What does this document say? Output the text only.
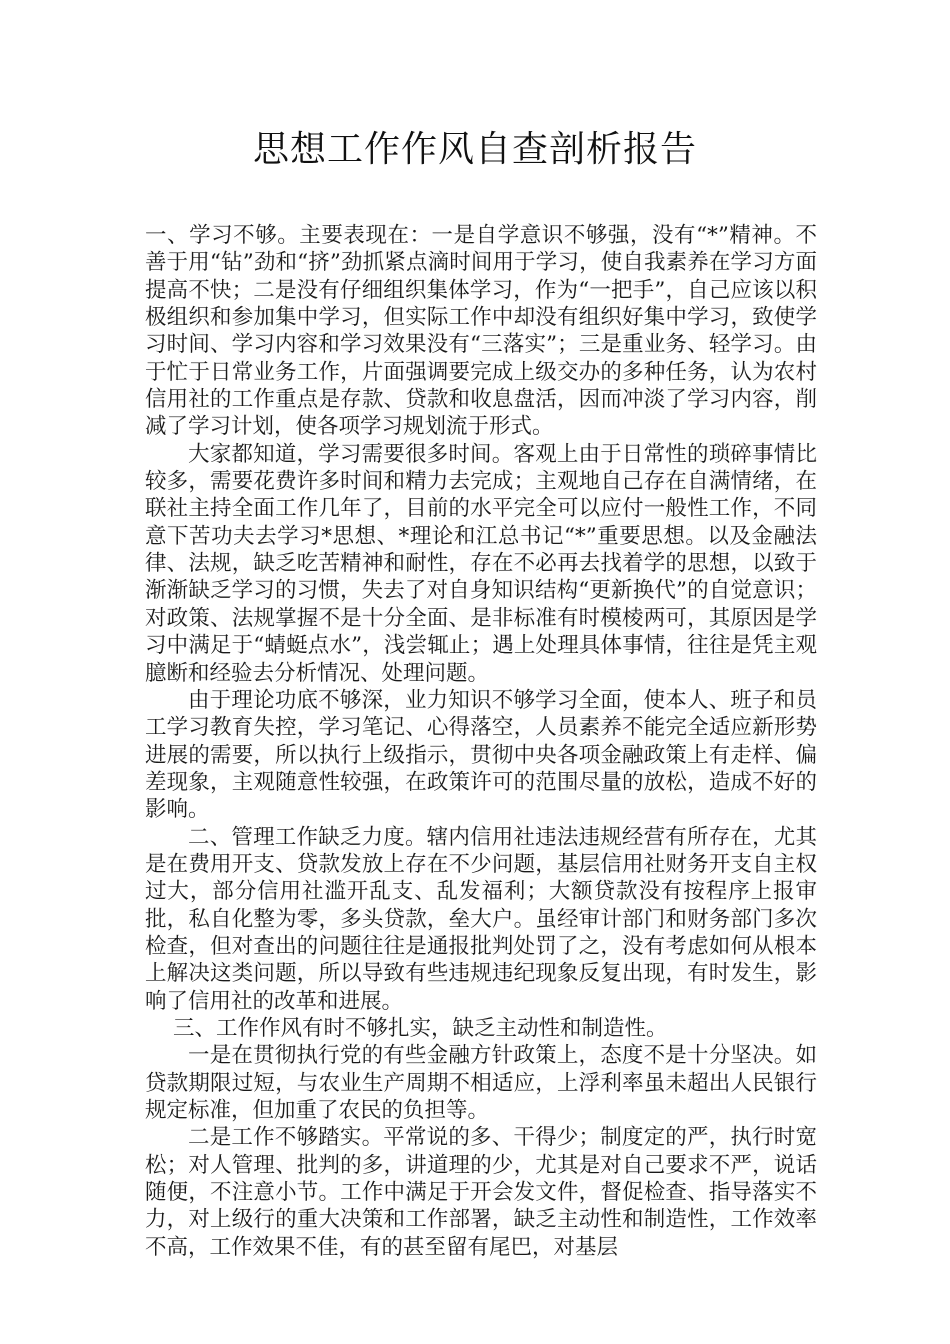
思想工作作风自查剖析报告

一、学习不够。主要表现在：一是自学意识不够强，没有“*”精神。不善于用“钻”劲和“挤”劲抓紧点滴时间用于学习，使自我素养在学习方面提高不快；二是没有仔细组织集体学习，作为“一把手”，自己应该以积极组织和参加集中学习，但实际工作中却没有组织好集中学习，致使学习时间、学习内容和学习效果没有“三落实”；三是重业务、轻学习。由于忙于日常业务工作，片面强调要完成上级交办的多种任务，认为农村信用社的工作重点是存款、贷款和收息盘活，因而冲淡了学习内容，削减了学习计划，使各项学习规划流于形式。

大家都知道，学习需要很多时间。客观上由于日常性的琐碎事情比较多，需要花费许多时间和精力去完成；主观地自己存在自满情绪，在联社主持全面工作几年了，目前的水平完全可以应付一般性工作，不同意下苦功夫去学习*思想、*理论和江总书记“*”重要思想。以及金融法律、法规，缺乏吃苦精神和耐性，存在不必再去找着学的思想，以致于渐渐缺乏学习的习惯，失去了对自身知识结构“更新换代”的自觉意识；对政策、法规掌握不是十分全面、是非标准有时模棱两可，其原因是学习中满足于“蜻蜓点水”，浅尝辄止；遇上处理具体事情，往往是凭主观臆断和经验去分析情况、处理问题。

由于理论功底不够深，业力知识不够学习全面，使本人、班子和员工学习教育失控，学习笔记、心得落空，人员素养不能完全适应新形势进展的需要，所以执行上级指示，贯彻中央各项金融政策上有走样、偏差现象，主观随意性较强，在政策许可的范围尽量的放松，造成不好的影响。

二、管理工作缺乏力度。辖内信用社违法违规经营有所存在，尤其是在费用开支、贷款发放上存在不少问题，基层信用社财务开支自主权过大，部分信用社滥开乱支、乱发福利；大额贷款没有按程序上报审批，私自化整为零，多头贷款，垒大户。虽经审计部门和财务部门多次检查，但对查出的问题往往是通报批判处罚了之，没有考虑如何从根本上解决这类问题，所以导致有些违规违纪现象反复出现，有时发生，影响了信用社的改革和进展。

三、工作作风有时不够扎实，缺乏主动性和制造性。

一是在贯彻执行党的有些金融方针政策上，态度不是十分坚决。如贷款期限过短，与农业生产周期不相适应，上浮利率虽未超出人民银行规定标准，但加重了农民的负担等。

二是工作不够踏实。平常说的多、干得少；制度定的严，执行时宽松；对人管理、批判的多，讲道理的少，尤其是对自己要求不严，说话随便，不注意小节。工作中满足于开会发文件，督促检查、指导落实不力，对上级行的重大决策和工作部署，缺乏主动性和制造性，工作效率不高，工作效果不佳，有的甚至留有尾巴，对基层
